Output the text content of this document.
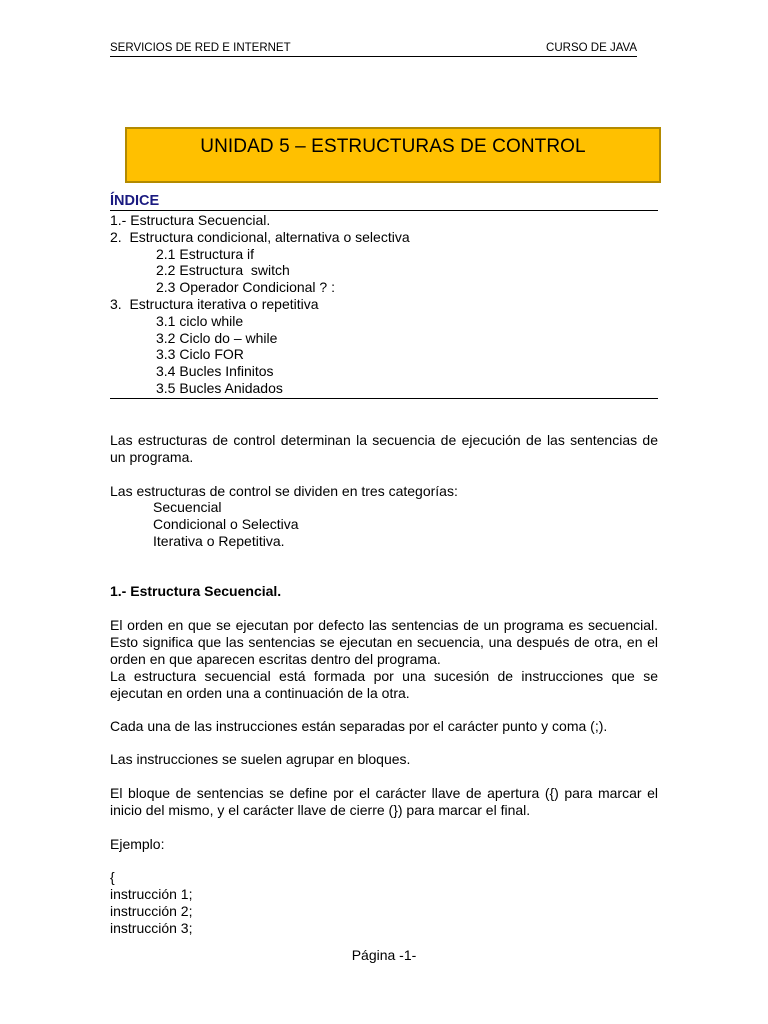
SERVICIOS DE RED E INTERNET	CURSO DE JAVA
UNIDAD 5 – ESTRUCTURAS DE CONTROL
ÍNDICE
1.- Estructura Secuencial.
2.  Estructura condicional, alternativa o selectiva
2.1 Estructura if
2.2 Estructura  switch
2.3 Operador Condicional ? :
3.  Estructura iterativa o repetitiva
3.1 ciclo while
3.2 Ciclo do – while
3.3 Ciclo FOR
3.4 Bucles Infinitos
3.5 Bucles Anidados
Las estructuras de control determinan la secuencia de ejecución de las sentencias de un programa.
Las estructuras de control se dividen en tres categorías:
Secuencial
Condicional o Selectiva
Iterativa o Repetitiva.
1.- Estructura Secuencial.
El orden en que se ejecutan por defecto las sentencias de un programa es secuencial. Esto significa que las sentencias se ejecutan en secuencia, una después de otra, en el orden en que aparecen escritas dentro del programa.
La estructura secuencial está formada por una sucesión de instrucciones que se ejecutan en orden una a continuación de la otra.
Cada una de las instrucciones están separadas por el carácter punto y coma (;).
Las instrucciones se suelen agrupar en bloques.
El bloque de sentencias se define por el carácter llave de apertura ({) para marcar el inicio del mismo, y el carácter llave de cierre (}) para marcar el final.
Ejemplo:
{
instrucción 1;
instrucción 2;
instrucción 3;
Página -1-
